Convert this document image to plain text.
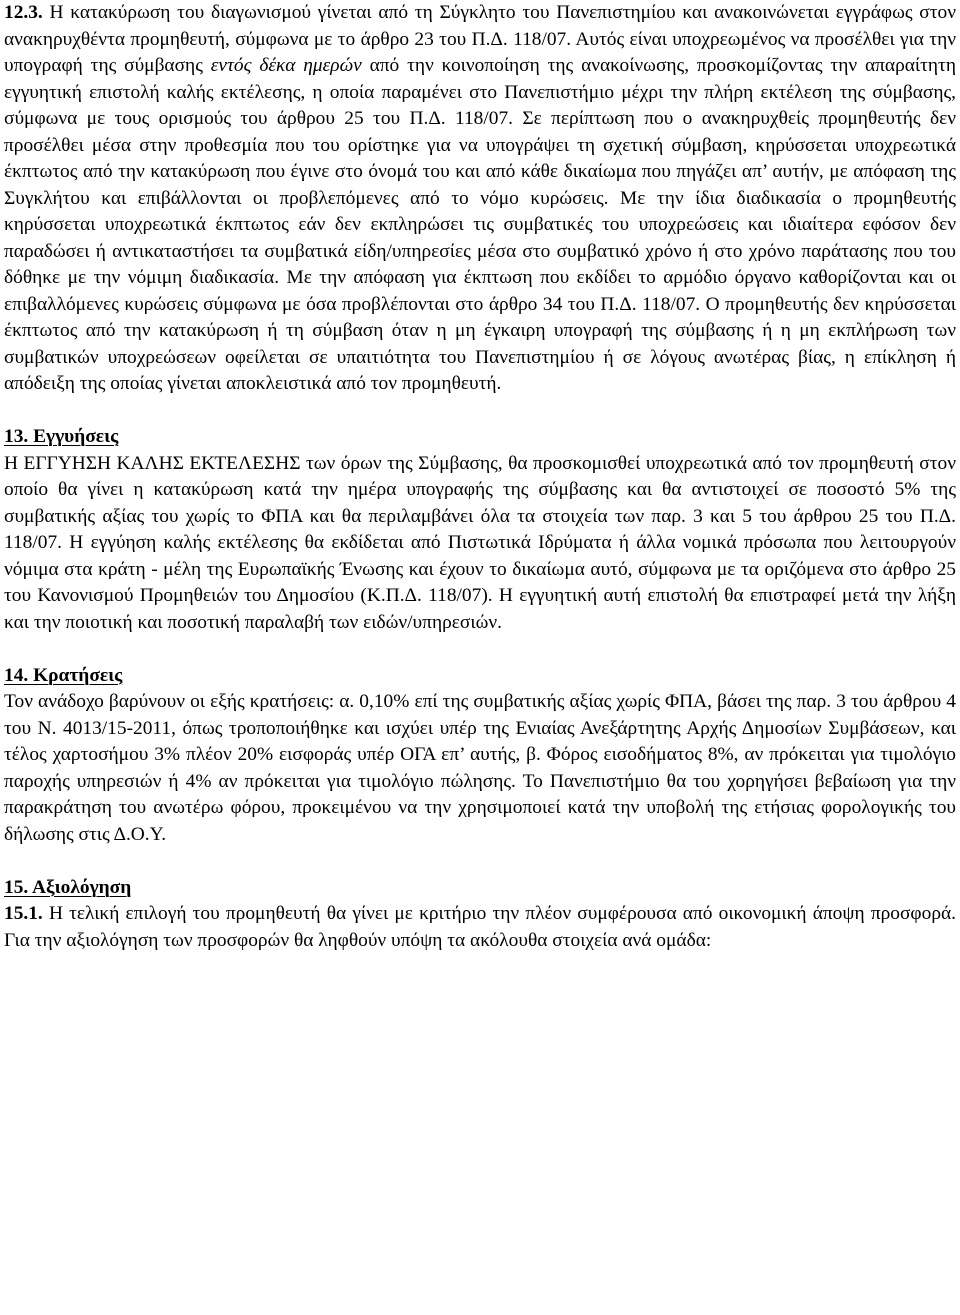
12.3. Η κατακύρωση του διαγωνισμού γίνεται από τη Σύγκλητο του Πανεπιστημίου και ανακοινώνεται εγγράφως στον ανακηρυχθέντα προμηθευτή, σύμφωνα με το άρθρο 23 του Π.Δ. 118/07. Αυτός είναι υποχρεωμένος να προσέλθει για την υπογραφή της σύμβασης εντός δέκα ημερών από την κοινοποίηση της ανακοίνωσης, προσκομίζοντας την απαραίτητη εγγυητική επιστολή καλής εκτέλεσης, η οποία παραμένει στο Πανεπιστήμιο μέχρι την πλήρη εκτέλεση της σύμβασης, σύμφωνα με τους ορισμούς του άρθρου 25 του Π.Δ. 118/07. Σε περίπτωση που ο ανακηρυχθείς προμηθευτής δεν προσέλθει μέσα στην προθεσμία που του ορίστηκε για να υπογράψει τη σχετική σύμβαση, κηρύσσεται υποχρεωτικά έκπτωτος από την κατακύρωση που έγινε στο όνομά του και από κάθε δικαίωμα που πηγάζει απ’ αυτήν, με απόφαση της Συγκλήτου και επιβάλλονται οι προβλεπόμενες από το νόμο κυρώσεις. Με την ίδια διαδικασία ο προμηθευτής κηρύσσεται υποχρεωτικά έκπτωτος εάν δεν εκπληρώσει τις συμβατικές του υποχρεώσεις και ιδιαίτερα εφόσον δεν παραδώσει ή αντικαταστήσει τα συμβατικά είδη/υπηρεσίες μέσα στο συμβατικό χρόνο ή στο χρόνο παράτασης που του δόθηκε με την νόμιμη διαδικασία. Με την απόφαση για έκπτωση που εκδίδει το αρμόδιο όργανο καθορίζονται και οι επιβαλλόμενες κυρώσεις σύμφωνα με όσα προβλέπονται στο άρθρο 34 του Π.Δ. 118/07. Ο προμηθευτής δεν κηρύσσεται έκπτωτος από την κατακύρωση ή τη σύμβαση όταν η μη έγκαιρη υπογραφή της σύμβασης ή η μη εκπλήρωση των συμβατικών υποχρεώσεων οφείλεται σε υπαιτιότητα του Πανεπιστημίου ή σε λόγους ανωτέρας βίας, η επίκληση ή απόδειξη της οποίας γίνεται αποκλειστικά από τον προμηθευτή.

13. Εγγυήσεις

Η ΕΓΓΥΗΣΗ ΚΑΛΗΣ ΕΚΤΕΛΕΣΗΣ των όρων της Σύμβασης, θα προσκομισθεί υποχρεωτικά από τον προμηθευτή στον οποίο θα γίνει η κατακύρωση κατά την ημέρα υπογραφής της σύμβασης και θα αντιστοιχεί σε ποσοστό 5% της συμβατικής αξίας του χωρίς το ΦΠΑ και θα περιλαμβάνει όλα τα στοιχεία των παρ. 3 και 5 του άρθρου 25 του Π.Δ. 118/07. Η εγγύηση καλής εκτέλεσης θα εκδίδεται από Πιστωτικά Ιδρύματα ή άλλα νομικά πρόσωπα που λειτουργούν νόμιμα στα κράτη - μέλη της Ευρωπαϊκής Ένωσης και έχουν το δικαίωμα αυτό, σύμφωνα με τα οριζόμενα στο άρθρο 25 του Κανονισμού Προμηθειών του Δημοσίου (Κ.Π.Δ. 118/07). Η εγγυητική αυτή επιστολή θα επιστραφεί μετά την λήξη και την ποιοτική και ποσοτική παραλαβή των ειδών/υπηρεσιών.

14. Κρατήσεις

Τον ανάδοχο βαρύνουν οι εξής κρατήσεις: α. 0,10% επί της συμβατικής αξίας χωρίς ΦΠΑ, βάσει της παρ. 3 του άρθρου 4 του Ν. 4013/15-2011, όπως τροποποιήθηκε και ισχύει υπέρ της Ενιαίας Ανεξάρτητης Αρχής Δημοσίων Συμβάσεων, και τέλος χαρτοσήμου 3% πλέον 20% εισφοράς υπέρ ΟΓΑ επ’ αυτής, β. Φόρος εισοδήματος 8%, αν πρόκειται για τιμολόγιο παροχής υπηρεσιών ή 4% αν πρόκειται για τιμολόγιο πώλησης. Το Πανεπιστήμιο θα του χορηγήσει βεβαίωση για την παρακράτηση του ανωτέρω φόρου, προκειμένου να την χρησιμοποιεί κατά την υποβολή της ετήσιας φορολογικής του δήλωσης στις Δ.Ο.Υ.

15. Αξιολόγηση

15.1. Η τελική επιλογή του προμηθευτή θα γίνει με κριτήριο την πλέον συμφέρουσα από οικονομική άποψη προσφορά. Για την αξιολόγηση των προσφορών θα ληφθούν υπόψη τα ακόλουθα στοιχεία ανά ομάδα:
